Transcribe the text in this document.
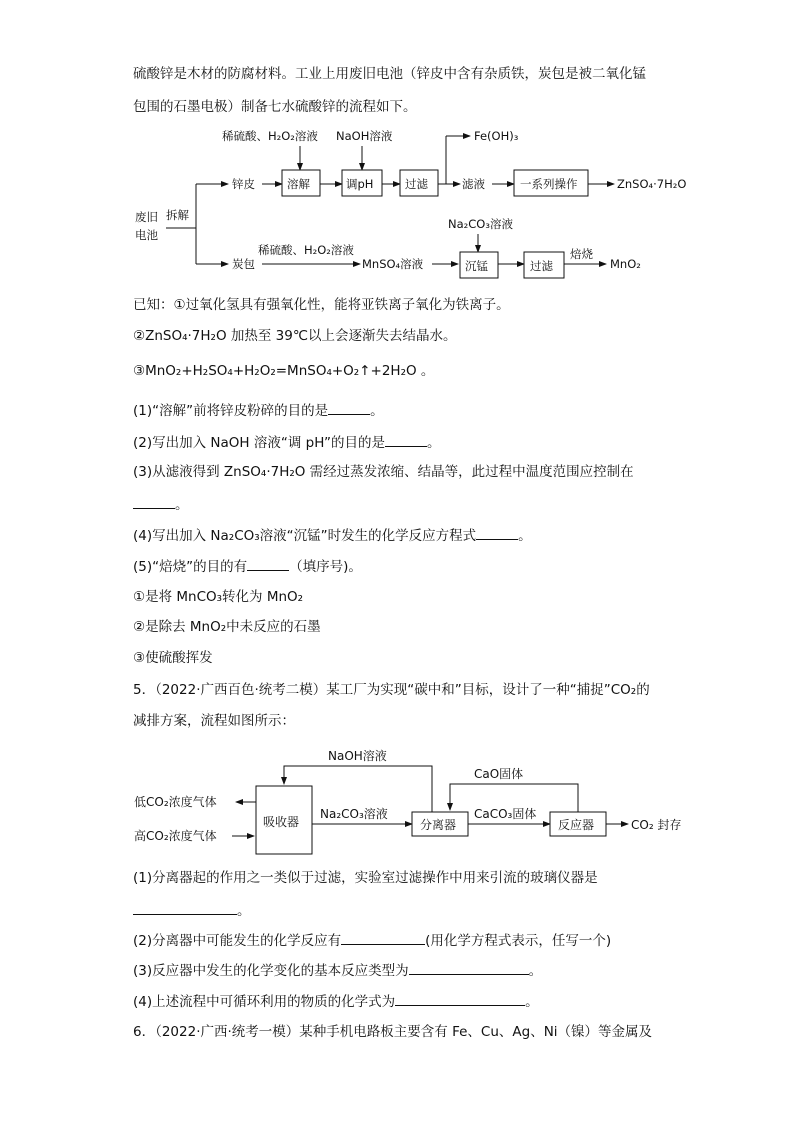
硫酸锌是木材的防腐材料。工业上用废旧电池（锌皮中含有杂质铁，炭包是被二氧化锰
包围的石墨电极）制备七水硫酸锌的流程如下。
废旧
电池
拆解
锌皮
稀硫酸、H₂O₂溶液
溶解
NaOH溶液
调pH	过滤
Fe(OH)₃
滤液	一系列操作	ZnSO₄·7H₂O
炭包
稀硫酸、H₂O₂溶液
MnSO₄溶液
Na₂CO₃溶液
沉锰	过滤
焙烧
MnO₂
已知：①过氧化氢具有强氧化性，能将亚铁离子氧化为铁离子。
②ZnSO₄·7H₂O 加热至 39℃以上会逐渐失去结晶水。
③MnO₂+H₂SO₄+H₂O₂=MnSO₄+O₂↑+2H₂O 。
(1)“溶解”前将锌皮粉碎的目的是	。
(2)写出加入 NaOH 溶液“调 pH”的目的是	。
(3)从滤液得到 ZnSO₄·7H₂O 需经过蒸发浓缩、结晶等，此过程中温度范围应控制在
。
(4)写出加入 Na₂CO₃溶液“沉锰”时发生的化学反应方程式	。
(5)“焙烧”的目的有	（填序号)。
①是将 MnCO₃转化为 MnO₂
②是除去 MnO₂中未反应的石墨
③使硫酸挥发
5．（2022·广西百色·统考二模）某工厂为实现“碳中和”目标，设计了一种“捕捉”CO₂的
减排方案，流程如图所示：
NaOH溶液
吸收器
低CO₂浓度气体
高CO₂浓度气体
Na₂CO₃溶液
分离器
CaO固体
CaCO₃固体
反应器	CO₂ 封存
(1)分离器起的作用之一类似于过滤，实验室过滤操作中用来引流的玻璃仪器是
。
(2)分离器中可能发生的化学反应有	(用化学方程式表示，任写一个)
(3)反应器中发生的化学变化的基本反应类型为	。
(4)上述流程中可循环利用的物质的化学式为	。
6．（2022·广西·统考一模）某种手机电路板主要含有 Fe、Cu、Ag、Ni（镍）等金属及
